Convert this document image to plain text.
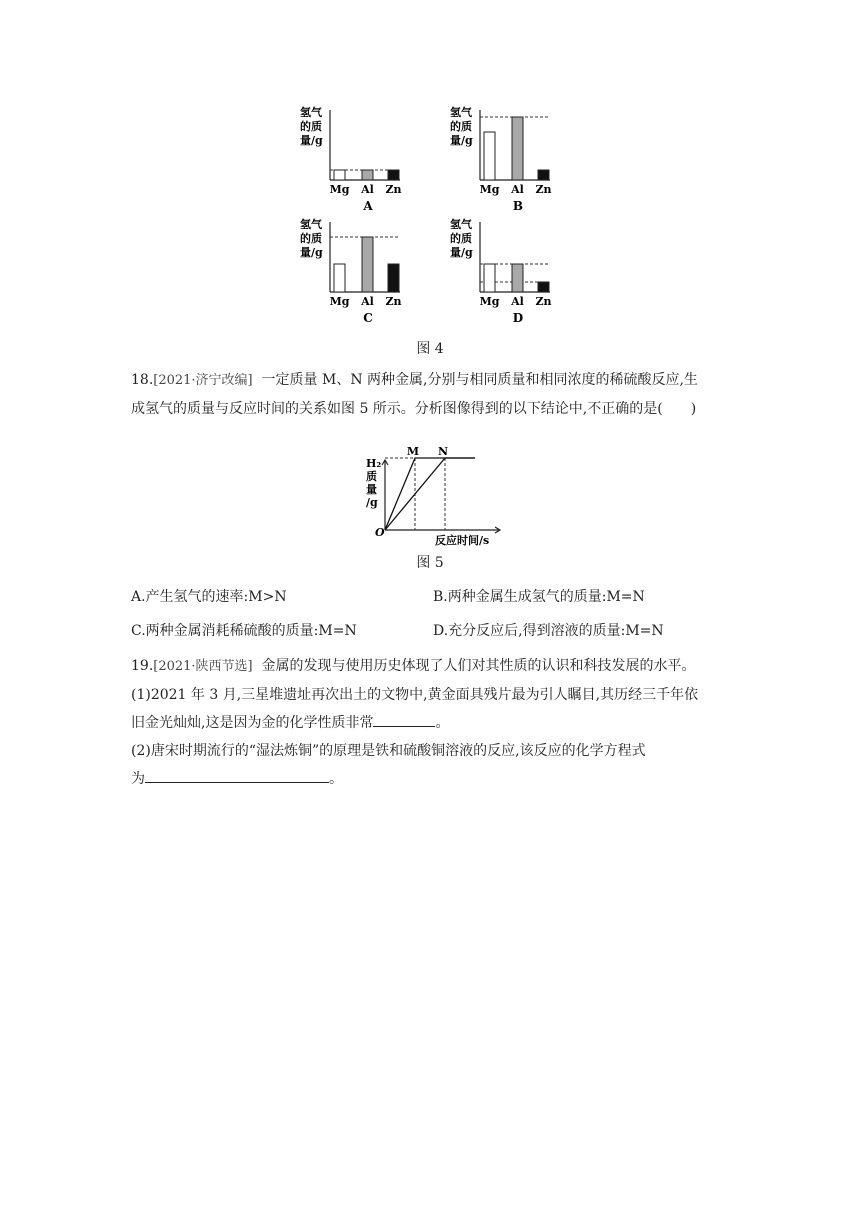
氢气
的质
量/g
Mg Al Zn
A
氢气
的质
量/g
Mg Al Zn
B
氢气
的质
量/g
Mg Al Zn
C
氢气
的质
量/g
Mg Al Zn
D
图 4
18.[2021·济宁改编] 一定质量 M、N 两种金属,分别与相同质量和相同浓度的稀硫酸反应,生
成氢气的质量与反应时间的关系如图 5 所示。分析图像得到的以下结论中,不正确的是(　　)
H₂
质
量
/g
O
反应时间/s
M N
图 5
A.产生氢气的速率:M>N	B.两种金属生成氢气的质量:M=N
C.两种金属消耗稀硫酸的质量:M=N	D.充分反应后,得到溶液的质量:M=N
19.[2021·陕西节选] 金属的发现与使用历史体现了人们对其性质的认识和科技发展的水平。
(1)2021 年 3 月,三星堆遗址再次出土的文物中,黄金面具残片最为引人瞩目,其历经三千年依
旧金光灿灿,这是因为金的化学性质非常	。
(2)唐宋时期流行的“湿法炼铜”的原理是铁和硫酸铜溶液的反应,该反应的化学方程式
为	。
